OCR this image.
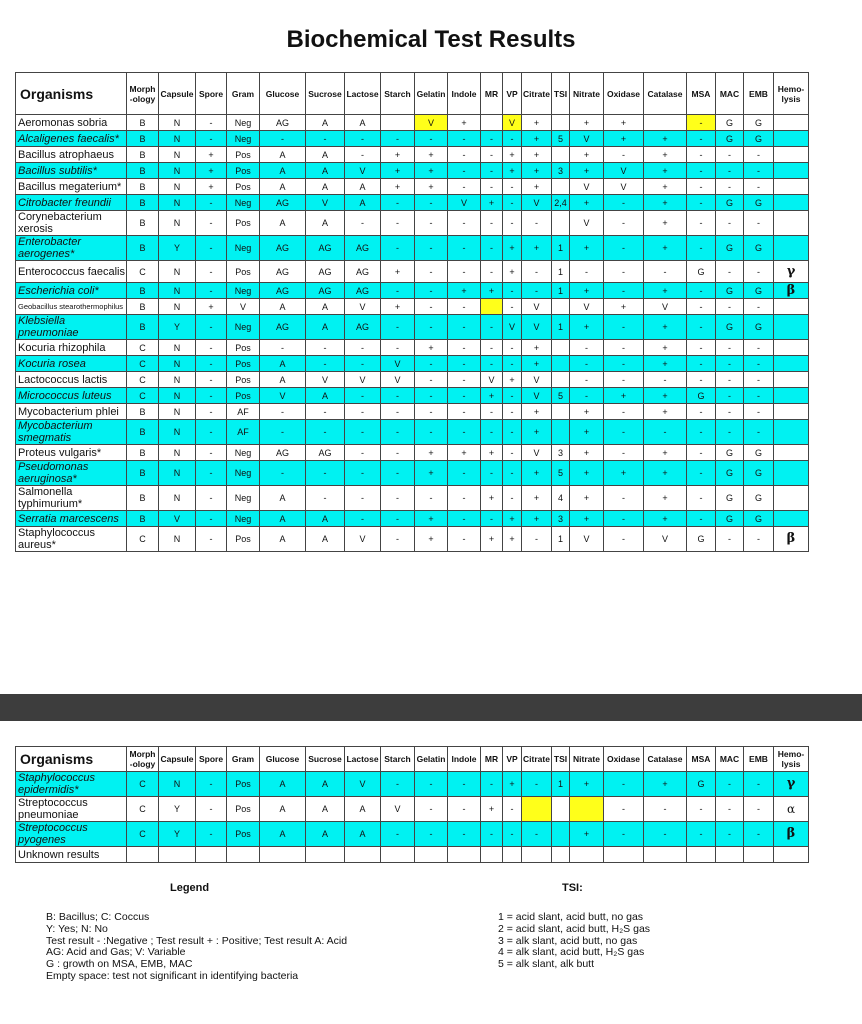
Biochemical Test Results
Organisms	Morph -ology	Capsule	Spore	Gram	Glucose	Sucrose	Lactose	Starch	Gelatin	Indole	MR	VP	Citrate	TSI	Nitrate	Oxidase	Catalase	MSA	MAC	EMB	Hemo- lysis
Aeromonas sobria	B	N	-	Neg	AG	A	A		V	+		V	+		+	+		-	G	G	
Alcaligenes faecalis*	B	N	-	Neg	-	-	-	-	-	-	-	-	+	5	V	+	+	-	G	G	
Bacillus atrophaeus	B	N	+	Pos	A	A	-	+	+	-	-	+	+		+	-	+	-	-	-	
Bacillus subtilis*	B	N	+	Pos	A	A	V	+	+	-	-	+	+	3	+	V	+	-	-	-	
Bacillus megaterium*	B	N	+	Pos	A	A	A	+	+	-	-	-	+		V	V	+	-	-	-	
Citrobacter freundii	B	N	-	Neg	AG	V	A	-	-	V	+	-	V	2,4	+	-	+	-	G	G	
Corynebacterium xerosis	B	N	-	Pos	A	A	-	-	-	-	-	-	-		V	-	+	-	-	-	
Enterobacter aerogenes*	B	Y	-	Neg	AG	AG	AG	-	-	-	-	+	+	1	+	-	+	-	G	G	
Enterococcus faecalis	C	N	-	Pos	AG	AG	AG	+	-	-	-	+	-	1	-	-	-	G	-	-	γ
Escherichia coli*	B	N	-	Neg	AG	AG	AG	-	-	+	+	-	-	1	+	-	+	-	G	G	β
Geobacillus stearothermophilus	B	N	+	V	A	A	V	+	-	-		-	V		V	+	V	-	-	-	
Klebsiella pneumoniae	B	Y	-	Neg	AG	A	AG	-	-	-	-	V	V	1	+	-	+	-	G	G	
Kocuria rhizophila	C	N	-	Pos	-	-	-	-	+	-	-	-	+		-	-	+	-	-	-	
Kocuria rosea	C	N	-	Pos	A	-	-	V	-	-	-	-	+		-	-	+	-	-	-	
Lactococcus lactis	C	N	-	Pos	A	V	V	V	-	-	V	+	V		-	-	-	-	-	-	
Micrococcus luteus	C	N	-	Pos	V	A	-	-	-	-	+	-	V	5	-	+	+	G	-	-	
Mycobacterium phlei	B	N	-	AF	-	-	-	-	-	-	-	-	+		+	-	+	-	-	-	
Mycobacterium smegmatis	B	N	-	AF	-	-	-	-	-	-	-	-	+		+	-	-	-	-	-	
Proteus vulgaris*	B	N	-	Neg	AG	AG	-	-	+	+	+	-	V	3	+	-	+	-	G	G	
Pseudomonas aeruginosa*	B	N	-	Neg	-	-	-	-	+	-	-	-	+	5	+	+	+	-	G	G	
Salmonella typhimurium*	B	N	-	Neg	A	-	-	-	-	-	+	-	+	4	+	-	+	-	G	G	
Serratia marcescens	B	V	-	Neg	A	A	-	-	+	-	-	+	+	3	+	-	+	-	G	G	
Staphylococcus aureus*	C	N	-	Pos	A	A	V	-	+	-	+	+	-	1	V	-	V	G	-	-	β
Organisms	Morph -ology	Capsule	Spore	Gram	Glucose	Sucrose	Lactose	Starch	Gelatin	Indole	MR	VP	Citrate	TSI	Nitrate	Oxidase	Catalase	MSA	MAC	EMB	Hemo- lysis
Staphylococcus epidermidis*	C	N	-	Pos	A	A	V	-	-	-	-	+	-	1	+	-	+	G	-	-	γ
Streptococcus pneumoniae	C	Y	-	Pos	A	A	A	V	-	-	+	-				-	-	-	-	-	α
Streptococcus pyogenes	C	Y	-	Pos	A	A	A	-	-	-	-	-	-		+	-	-	-	-	-	β
Unknown results																					
Legend
B: Bacillus; C: Coccus
Y: Yes; N: No
Test result - :Negative ; Test result + : Positive; Test result A: Acid
AG: Acid and Gas; V: Variable
G : growth on MSA, EMB, MAC
Empty space: test not significant in identifying bacteria
TSI:
1 = acid slant, acid butt, no gas
2 = acid slant, acid butt, H₂S gas
3 = alk slant, acid butt, no gas
4 = alk slant, acid butt, H₂S gas
5 = alk slant, alk butt
